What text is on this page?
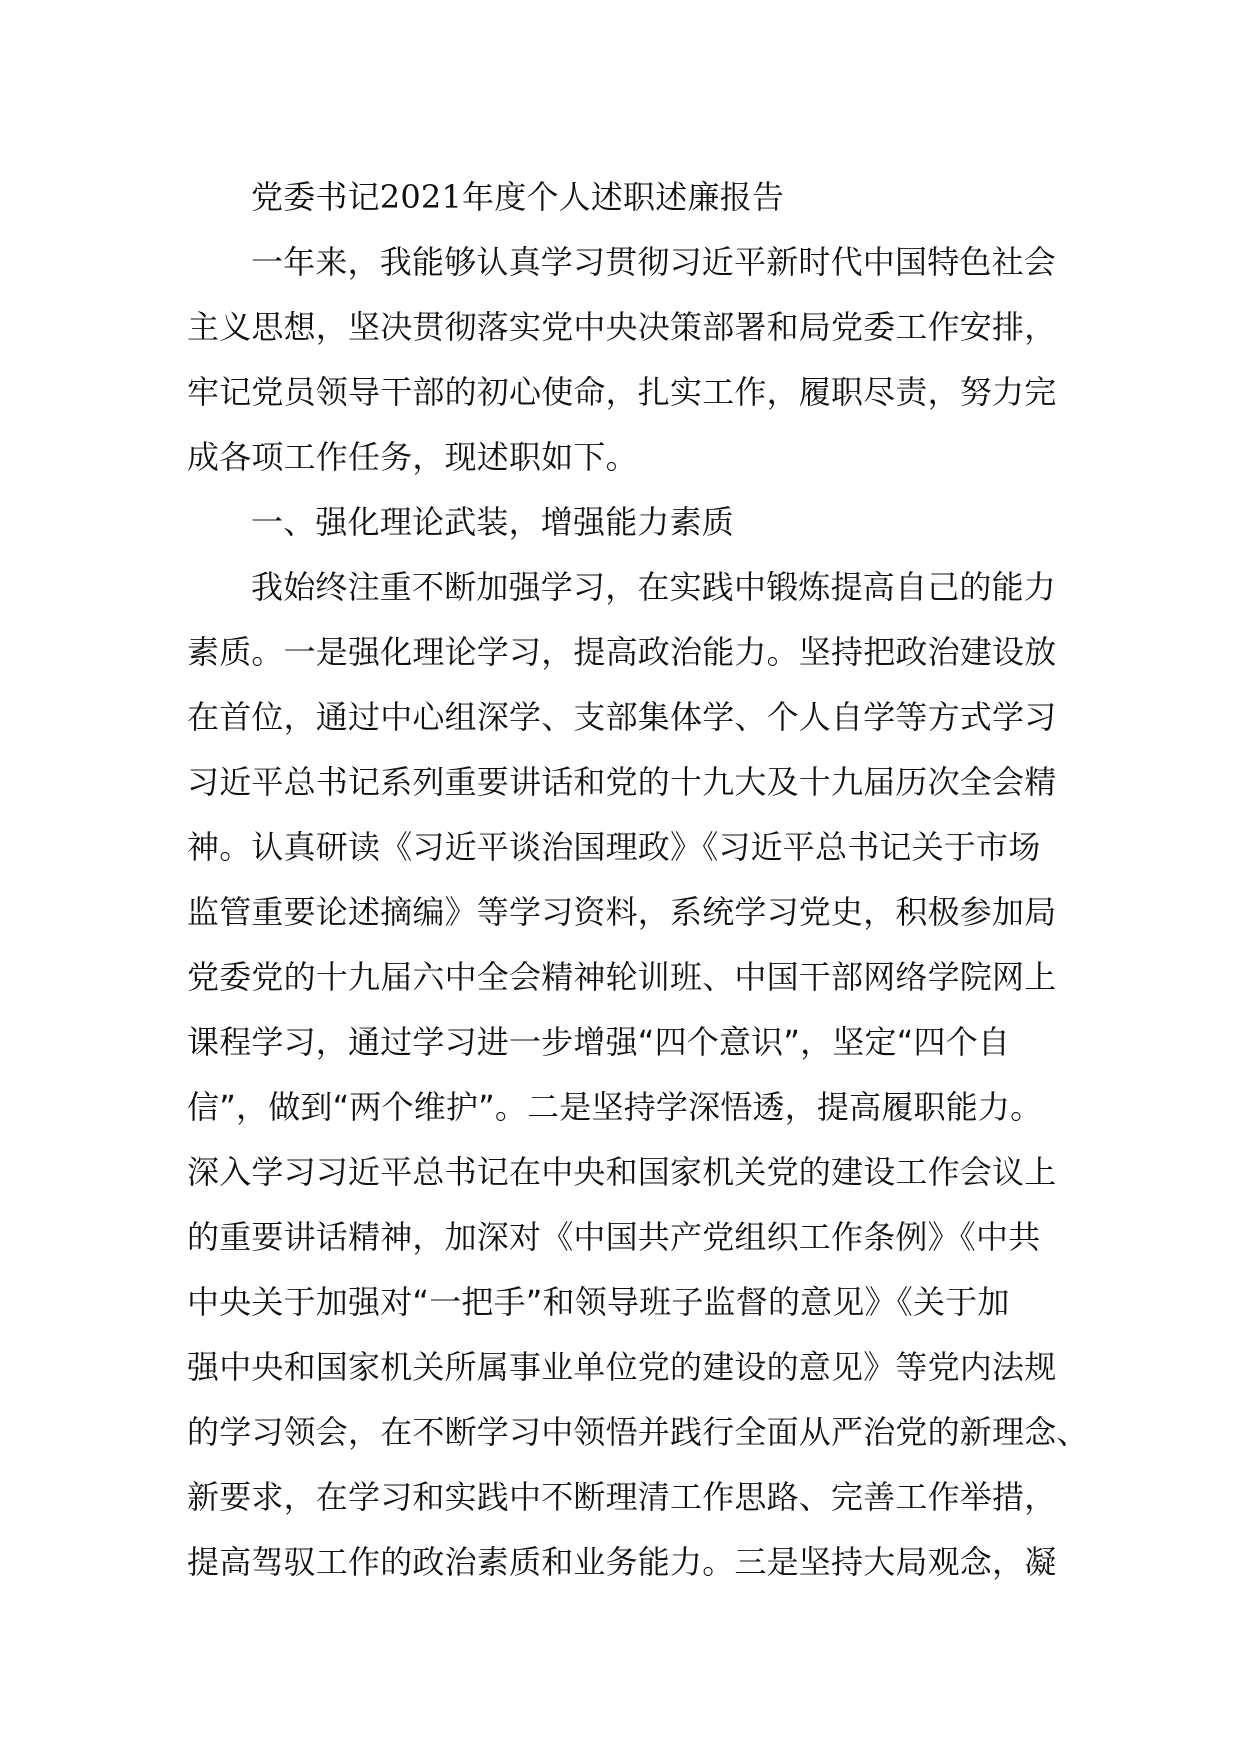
党委书记2021年度个人述职述廉报告
一年来，我能够认真学习贯彻习近平新时代中国特色社会
主义思想，坚决贯彻落实党中央决策部署和局党委工作安排，
牢记党员领导干部的初心使命，扎实工作，履职尽责，努力完
成各项工作任务，现述职如下。
一、强化理论武装，增强能力素质
我始终注重不断加强学习，在实践中锻炼提高自己的能力
素质。一是强化理论学习，提高政治能力。坚持把政治建设放
在首位，通过中心组深学、支部集体学、个人自学等方式学习
习近平总书记系列重要讲话和党的十九大及十九届历次全会精
神。认真研读《习近平谈治国理政》《习近平总书记关于市场
监管重要论述摘编》等学习资料，系统学习党史，积极参加局
党委党的十九届六中全会精神轮训班、中国干部网络学院网上
课程学习，通过学习进一步增强“四个意识”，坚定“四个自
信”，做到“两个维护”。二是坚持学深悟透，提高履职能力。
深入学习习近平总书记在中央和国家机关党的建设工作会议上
的重要讲话精神，加深对《中国共产党组织工作条例》《中共
中央关于加强对“一把手”和领导班子监督的意见》《关于加
强中央和国家机关所属事业单位党的建设的意见》等党内法规
的学习领会，在不断学习中领悟并践行全面从严治党的新理念、
新要求，在学习和实践中不断理清工作思路、完善工作举措，
提高驾驭工作的政治素质和业务能力。三是坚持大局观念，凝
